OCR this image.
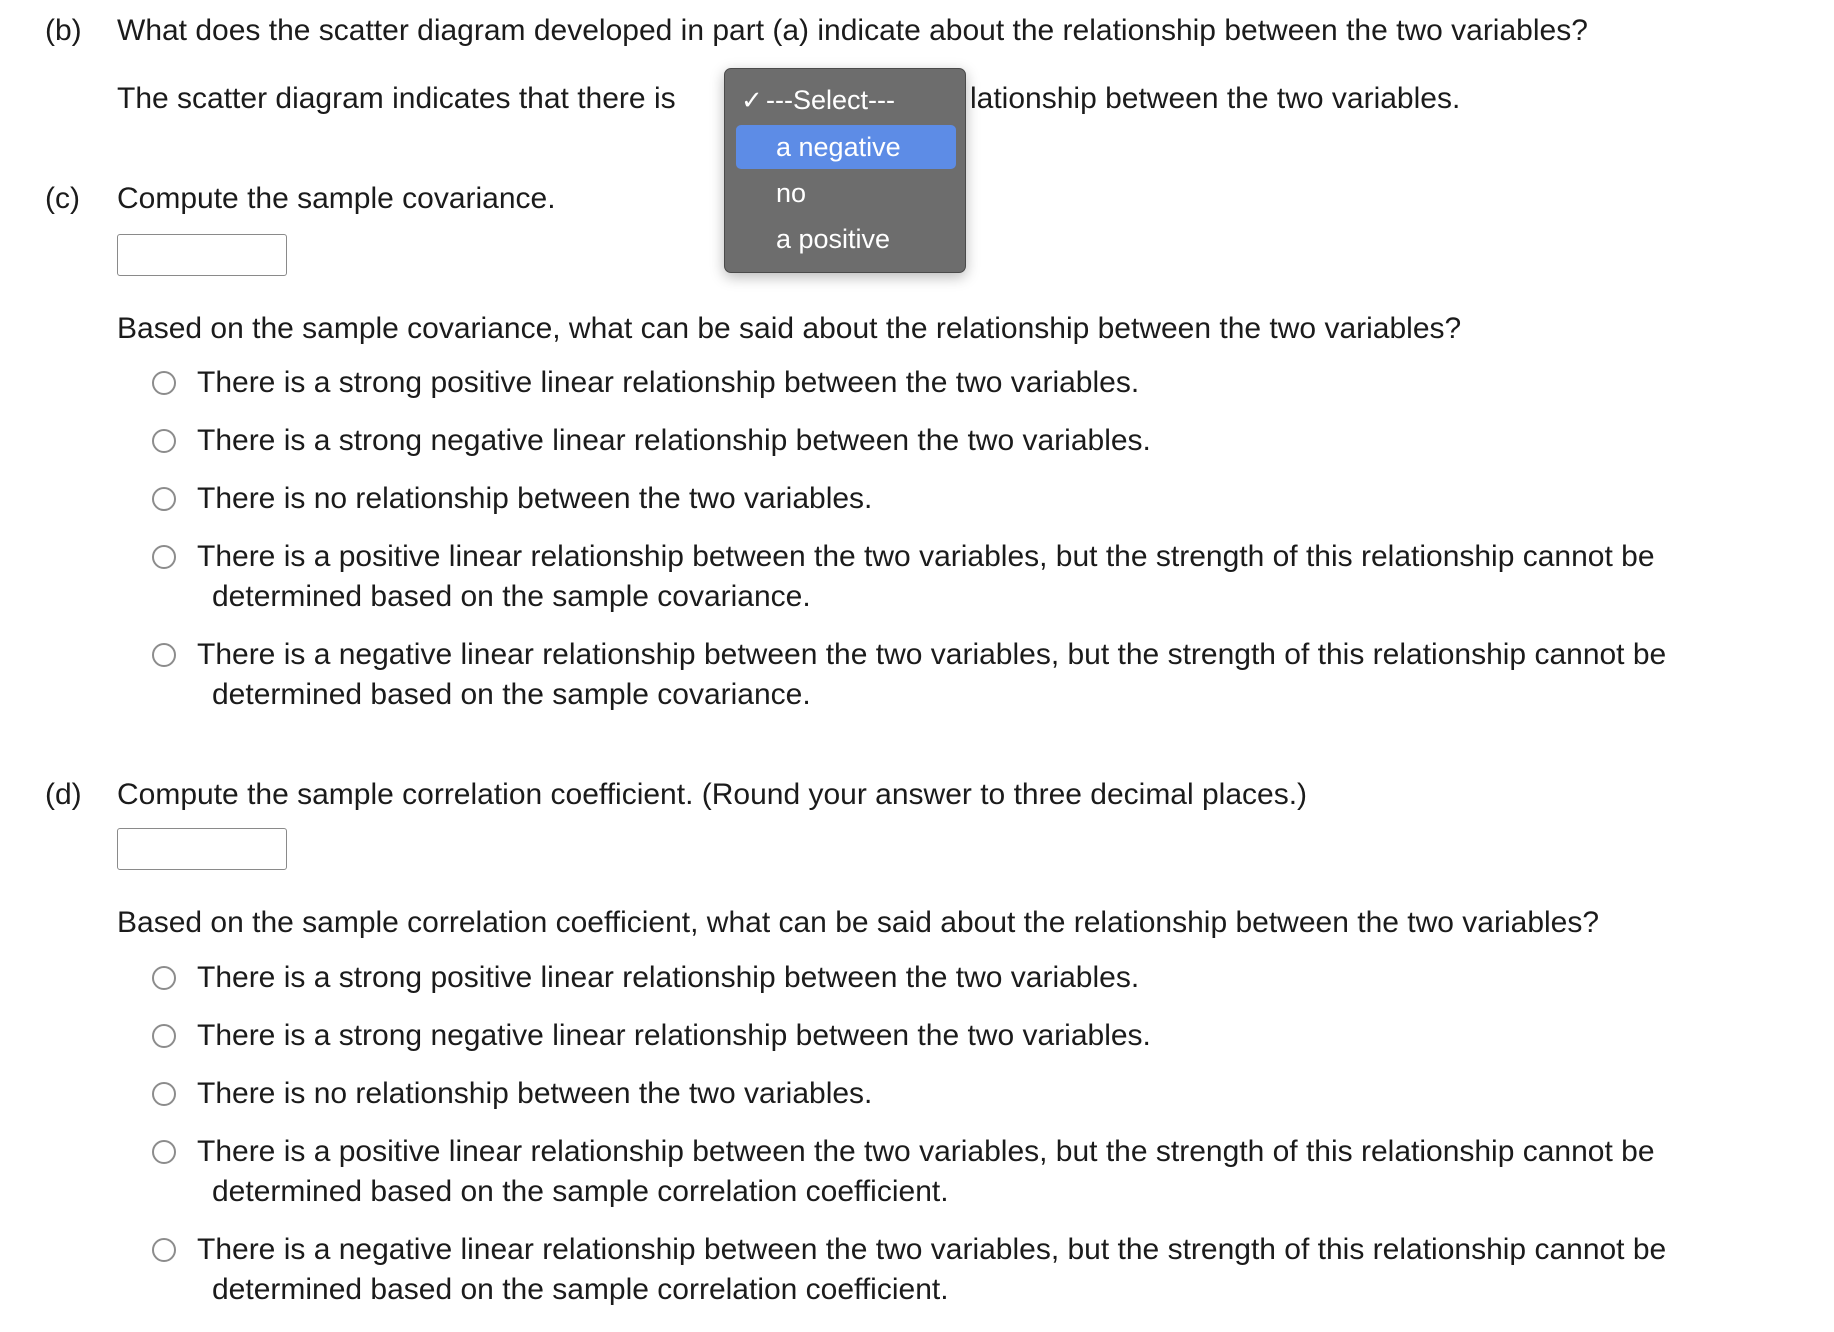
(b) What does the scatter diagram developed in part (a) indicate about the relationship between the two variables?
The scatter diagram indicates that there is	lationship between the two variables.
✓ ---Select---
a negative
no
a positive
(c) Compute the sample covariance.
Based on the sample covariance, what can be said about the relationship between the two variables?
There is a strong positive linear relationship between the two variables.
There is a strong negative linear relationship between the two variables.
There is no relationship between the two variables.
There is a positive linear relationship between the two variables, but the strength of this relationship cannot be
determined based on the sample covariance.
There is a negative linear relationship between the two variables, but the strength of this relationship cannot be
determined based on the sample covariance.
(d) Compute the sample correlation coefficient. (Round your answer to three decimal places.)
Based on the sample correlation coefficient, what can be said about the relationship between the two variables?
There is a strong positive linear relationship between the two variables.
There is a strong negative linear relationship between the two variables.
There is no relationship between the two variables.
There is a positive linear relationship between the two variables, but the strength of this relationship cannot be
determined based on the sample correlation coefficient.
There is a negative linear relationship between the two variables, but the strength of this relationship cannot be
determined based on the sample correlation coefficient.
